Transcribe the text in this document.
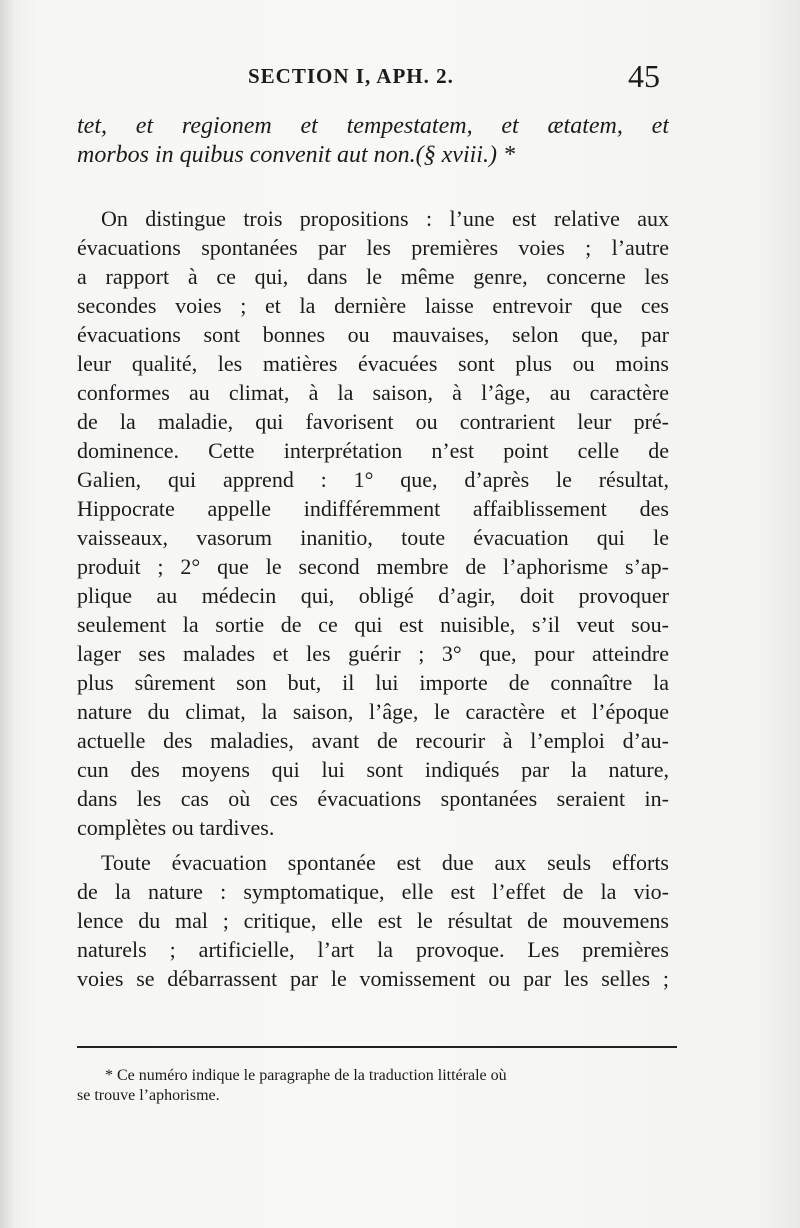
SECTION I, APH. 2.	45
tet, et regionem et tempestatem, et ætatem, et
morbos in quibus convenit aut non.(§ xviii.) *
On distingue trois propositions : l’une est relative aux
évacuations spontanées par les premières voies ; l’autre
a rapport à ce qui, dans le même genre, concerne les
secondes voies ; et la dernière laisse entrevoir que ces
évacuations sont bonnes ou mauvaises, selon que, par
leur qualité, les matières évacuées sont plus ou moins
conformes au climat, à la saison, à l’âge, au caractère
de la maladie, qui favorisent ou contrarient leur pré-
dominence. Cette interprétation n’est point celle de
Galien, qui apprend : 1° que, d’après le résultat,
Hippocrate appelle indifféremment affaiblissement des
vaisseaux, vasorum inanitio, toute évacuation qui le
produit ; 2° que le second membre de l’aphorisme s’ap-
plique au médecin qui, obligé d’agir, doit provoquer
seulement la sortie de ce qui est nuisible, s’il veut sou-
lager ses malades et les guérir ; 3° que, pour atteindre
plus sûrement son but, il lui importe de connaître la
nature du climat, la saison, l’âge, le caractère et l’époque
actuelle des maladies, avant de recourir à l’emploi d’au-
cun des moyens qui lui sont indiqués par la nature,
dans les cas où ces évacuations spontanées seraient in-
complètes ou tardives.
Toute évacuation spontanée est due aux seuls efforts
de la nature : symptomatique, elle est l’effet de la vio-
lence du mal ; critique, elle est le résultat de mouvemens
naturels ; artificielle, l’art la provoque. Les premières
voies se débarrassent par le vomissement ou par les selles ;
* Ce numéro indique le paragraphe de la traduction littérale où
se trouve l’aphorisme.
